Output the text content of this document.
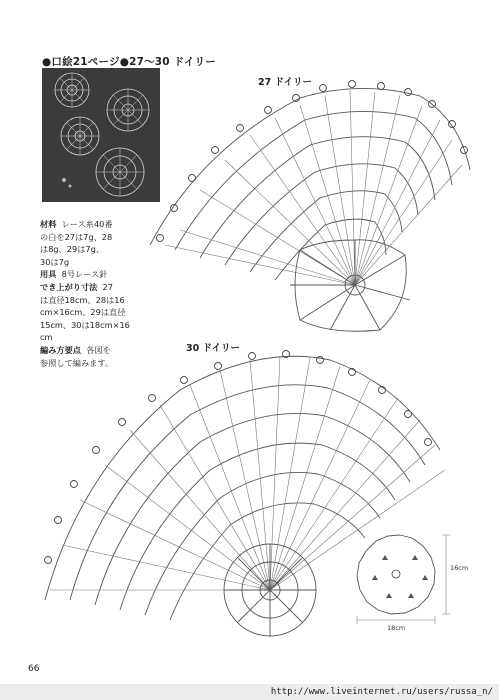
●口絵21ページ●27〜30 ドイリー
材料 レース糸40番
の白を27は7g、28
は8g、29は7g、
30は7g
用具 8号レース針
でき上がり寸法 27
は直径18cm、28は16
cm×16cm、29は直径
15cm、30は18cm×16
cm
編み方要点 各図を
参照して編みます。
27 ドイリー
30 ドイリー
18cm
16cm
66
http://www.liveinternet.ru/users/russa_n/
